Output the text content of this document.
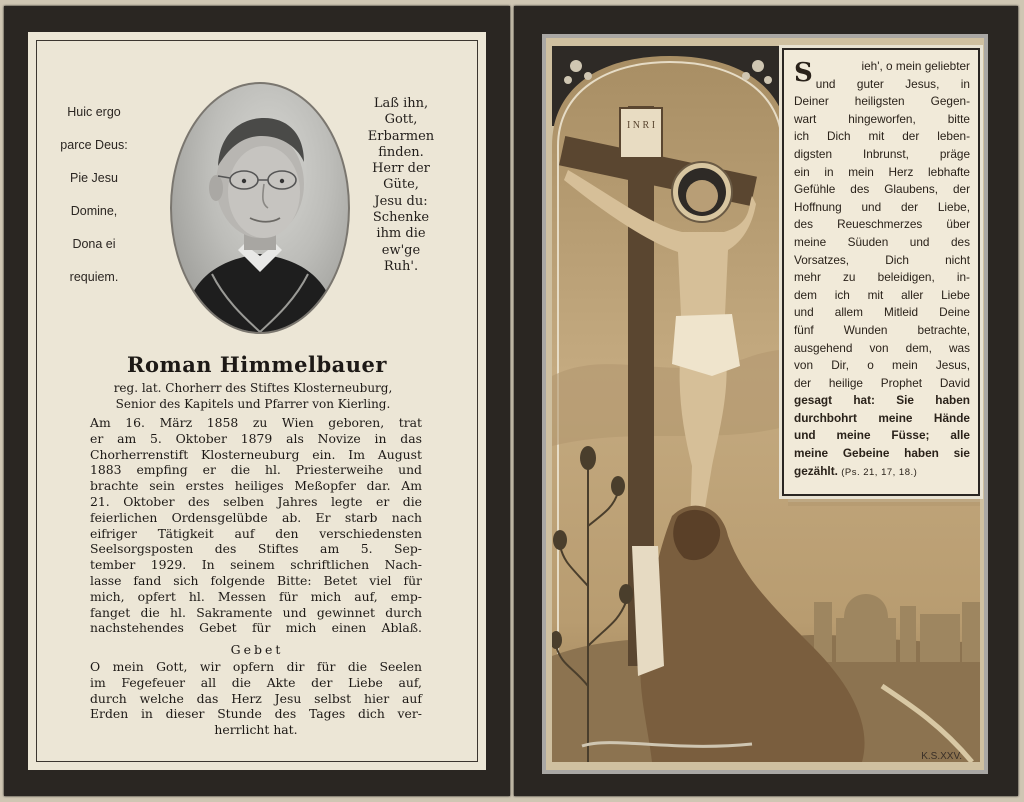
Huic ergo
parce Deus:
Pie Jesu
Domine,
Dona ei
requiem.
Laß ihn,
Gott,
Erbarmen
finden.
Herr der
Güte,
Jesu du:
Schenke
ihm die
ew'ge
Ruh'.
Roman Himmelbauer
reg. lat. Chorherr des Stiftes Klosterneuburg,
Senior des Kapitels und Pfarrer von Kierling.
Am 16. März 1858 zu Wien geboren, trat
er am 5. Oktober 1879 als Novize in das
Chorherrenstift Klosterneuburg ein. Im August
1883 empfing er die hl. Priesterweihe und
brachte sein erstes heiliges Meßopfer dar. Am
21. Oktober des selben Jahres legte er die
feierlichen Ordensgelübde ab. Er starb nach
eifriger Tätigkeit auf den verschiedensten
Seelsorgsposten des Stiftes am 5. Sep-
tember 1929. In seinem schriftlichen Nach-
lasse fand sich folgende Bitte: Betet viel für
mich, opfert hl. Messen für mich auf, emp-
fanget die hl. Sakramente und gewinnet durch
nachstehendes Gebet für mich einen Ablaß.
Gebet
O mein Gott, wir opfern dir für die Seelen
im Fegefeuer all die Akte der Liebe auf,
durch welche das Herz Jesu selbst hier auf
Erden in dieser Stunde des Tages dich ver-
herrlicht hat.
I N R I
S	ieh', o mein geliebter
und guter Jesus, in
Deiner heiligsten Gegen-
wart hingeworfen, bitte
ich Dich mit der leben-
digsten Inbrunst, präge
ein in mein Herz lebhafte
Gefühle des Glaubens, der
Hoffnung und der Liebe,
des Reueschmerzes über
meine Süuden und des
Vorsatzes, Dich nicht
mehr zu beleidigen, in-
dem ich mit aller Liebe
und allem Mitleid Deine
fünf Wunden betrachte,
ausgehend von dem, was
von Dir, o mein Jesus,
der heilige Prophet David
gesagt hat: Sie haben
durchbohrt meine Hände
und meine Füsse; alle
meine Gebeine haben sie
gezählt. (Ps. 21, 17, 18.)
K.S.XXV.
